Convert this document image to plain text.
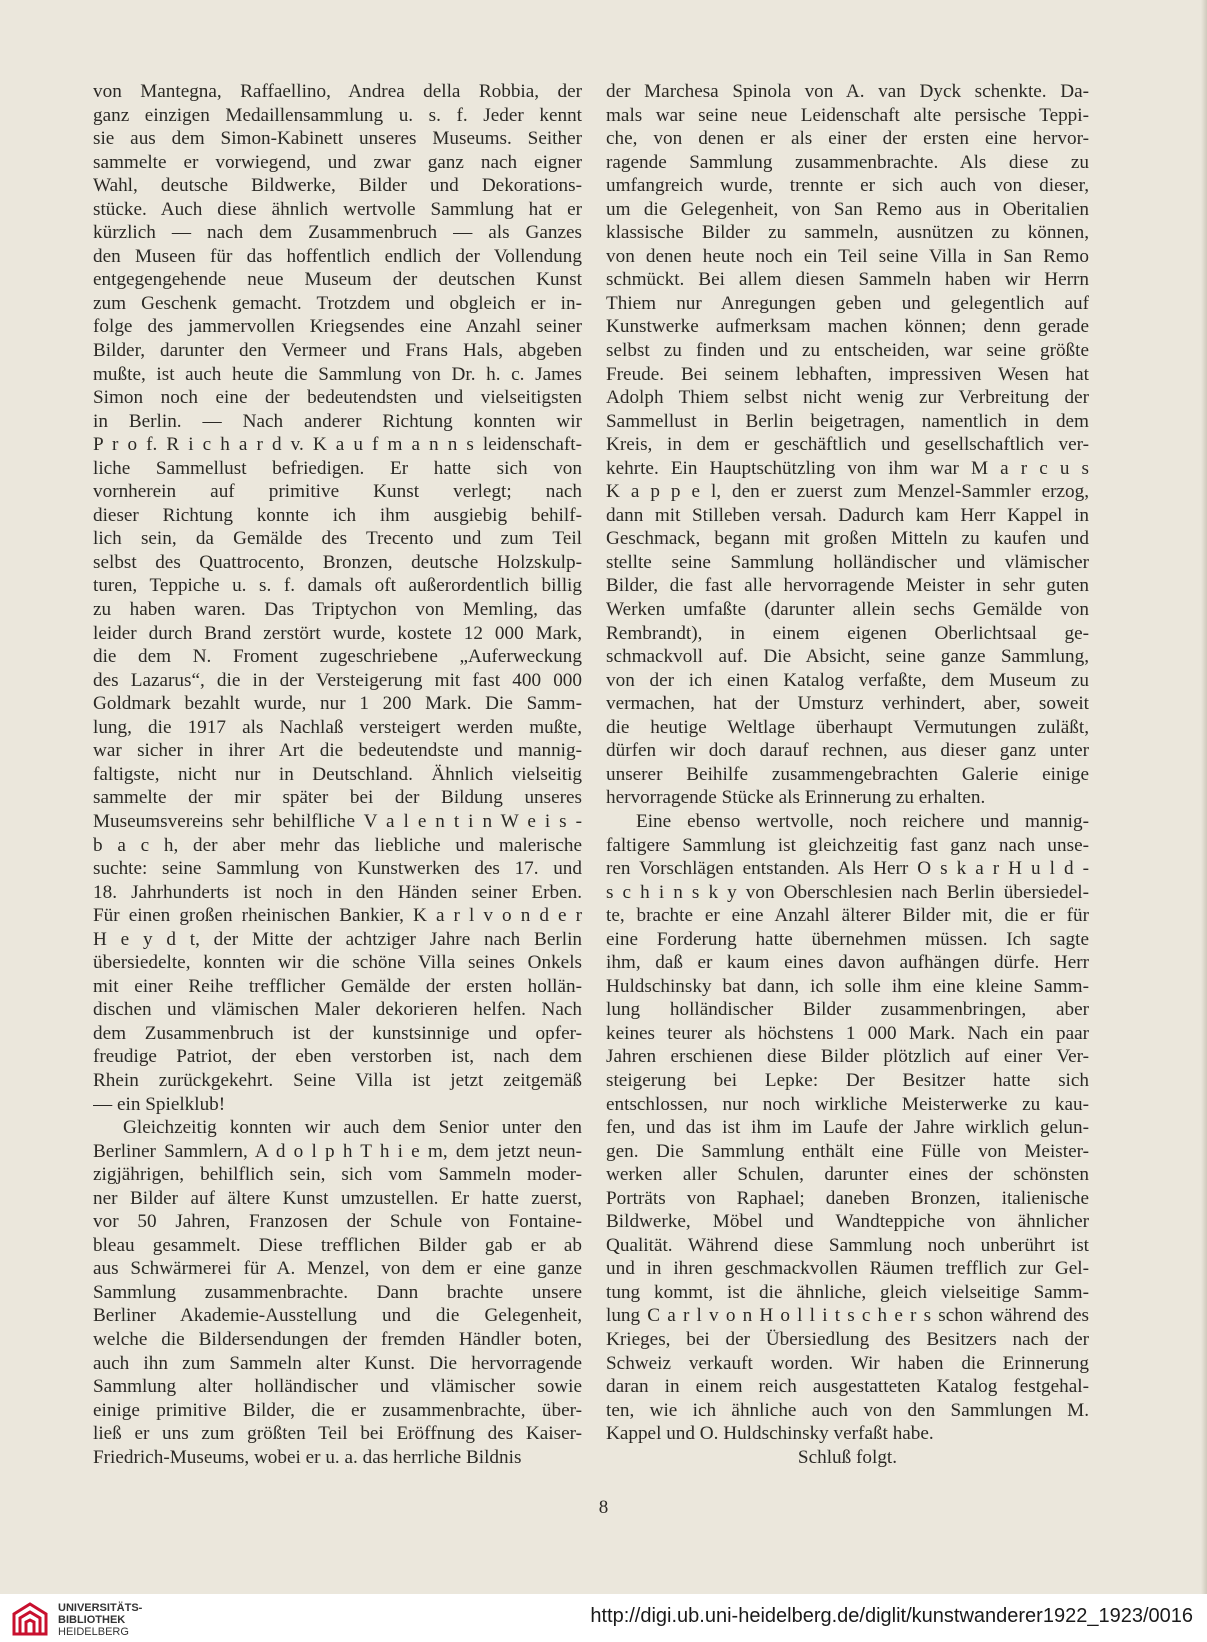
von Mantegna, Raffaellino, Andrea della Robbia, der
ganz einzigen Medaillensammlung u. s. f. Jeder kennt
sie aus dem Simon-Kabinett unseres Museums. Seither
sammelte er vorwiegend, und zwar ganz nach eigner
Wahl, deutsche Bildwerke, Bilder und Dekorations-
stücke. Auch diese ähnlich wertvolle Sammlung hat er
kürzlich — nach dem Zusammenbruch — als Ganzes
den Museen für das hoffentlich endlich der Vollendung
entgegengehende neue Museum der deutschen Kunst
zum Geschenk gemacht. Trotzdem und obgleich er in-
folge des jammervollen Kriegsendes eine Anzahl seiner
Bilder, darunter den Vermeer und Frans Hals, abgeben
mußte, ist auch heute die Sammlung von Dr. h. c. James
Simon noch eine der bedeutendsten und vielseitigsten
in Berlin. — Nach anderer Richtung konnten wir
P r o f. R i c h a r d v. K a u f m a n n s leidenschaft-
liche Sammellust befriedigen. Er hatte sich von
vornherein auf primitive Kunst verlegt; nach
dieser Richtung konnte ich ihm ausgiebig behilf-
lich sein, da Gemälde des Trecento und zum Teil
selbst des Quattrocento, Bronzen, deutsche Holzskulp-
turen, Teppiche u. s. f. damals oft außerordentlich billig
zu haben waren. Das Triptychon von Memling, das
leider durch Brand zerstört wurde, kostete 12 000 Mark,
die dem N. Froment zugeschriebene „Auferweckung
des Lazarus“, die in der Versteigerung mit fast 400 000
Goldmark bezahlt wurde, nur 1 200 Mark. Die Samm-
lung, die 1917 als Nachlaß versteigert werden mußte,
war sicher in ihrer Art die bedeutendste und mannig-
faltigste, nicht nur in Deutschland. Ähnlich vielseitig
sammelte der mir später bei der Bildung unseres
Museumsvereins sehr behilfliche V a l e n t i n W e i s -
b a c h, der aber mehr das liebliche und malerische
suchte: seine Sammlung von Kunstwerken des 17. und
18. Jahrhunderts ist noch in den Händen seiner Erben.
Für einen großen rheinischen Bankier, K a r l v o n d e r
H e y d t, der Mitte der achtziger Jahre nach Berlin
übersiedelte, konnten wir die schöne Villa seines Onkels
mit einer Reihe trefflicher Gemälde der ersten hollän-
dischen und vlämischen Maler dekorieren helfen. Nach
dem Zusammenbruch ist der kunstsinnige und opfer-
freudige Patriot, der eben verstorben ist, nach dem
Rhein zurückgekehrt. Seine Villa ist jetzt zeitgemäß
— ein Spielklub!
Gleichzeitig konnten wir auch dem Senior unter den
Berliner Sammlern, A d o l p h T h i e m, dem jetzt neun-
zigjährigen, behilflich sein, sich vom Sammeln moder-
ner Bilder auf ältere Kunst umzustellen. Er hatte zuerst,
vor 50 Jahren, Franzosen der Schule von Fontaine-
bleau gesammelt. Diese trefflichen Bilder gab er ab
aus Schwärmerei für A. Menzel, von dem er eine ganze
Sammlung zusammenbrachte. Dann brachte unsere
Berliner Akademie-Ausstellung und die Gelegenheit,
welche die Bildersendungen der fremden Händler boten,
auch ihn zum Sammeln alter Kunst. Die hervorragende
Sammlung alter holländischer und vlämischer sowie
einige primitive Bilder, die er zusammenbrachte, über-
ließ er uns zum größten Teil bei Eröffnung des Kaiser-
Friedrich-Museums, wobei er u. a. das herrliche Bildnis
der Marchesa Spinola von A. van Dyck schenkte. Da-
mals war seine neue Leidenschaft alte persische Teppi-
che, von denen er als einer der ersten eine hervor-
ragende Sammlung zusammenbrachte. Als diese zu
umfangreich wurde, trennte er sich auch von dieser,
um die Gelegenheit, von San Remo aus in Oberitalien
klassische Bilder zu sammeln, ausnützen zu können,
von denen heute noch ein Teil seine Villa in San Remo
schmückt. Bei allem diesen Sammeln haben wir Herrn
Thiem nur Anregungen geben und gelegentlich auf
Kunstwerke aufmerksam machen können; denn gerade
selbst zu finden und zu entscheiden, war seine größte
Freude. Bei seinem lebhaften, impressiven Wesen hat
Adolph Thiem selbst nicht wenig zur Verbreitung der
Sammellust in Berlin beigetragen, namentlich in dem
Kreis, in dem er geschäftlich und gesellschaftlich ver-
kehrte. Ein Hauptschützling von ihm war M a r c u s
K a p p e l, den er zuerst zum Menzel-Sammler erzog,
dann mit Stilleben versah. Dadurch kam Herr Kappel in
Geschmack, begann mit großen Mitteln zu kaufen und
stellte seine Sammlung holländischer und vlämischer
Bilder, die fast alle hervorragende Meister in sehr guten
Werken umfaßte (darunter allein sechs Gemälde von
Rembrandt), in einem eigenen Oberlichtsaal ge-
schmackvoll auf. Die Absicht, seine ganze Sammlung,
von der ich einen Katalog verfaßte, dem Museum zu
vermachen, hat der Umsturz verhindert, aber, soweit
die heutige Weltlage überhaupt Vermutungen zuläßt,
dürfen wir doch darauf rechnen, aus dieser ganz unter
unserer Beihilfe zusammengebrachten Galerie einige
hervorragende Stücke als Erinnerung zu erhalten.
Eine ebenso wertvolle, noch reichere und mannig-
faltigere Sammlung ist gleichzeitig fast ganz nach unse-
ren Vorschlägen entstanden. Als Herr O s k a r H u l d -
s c h i n s k y von Oberschlesien nach Berlin übersiedel-
te, brachte er eine Anzahl älterer Bilder mit, die er für
eine Forderung hatte übernehmen müssen. Ich sagte
ihm, daß er kaum eines davon aufhängen dürfe. Herr
Huldschinsky bat dann, ich solle ihm eine kleine Samm-
lung holländischer Bilder zusammenbringen, aber
keines teurer als höchstens 1 000 Mark. Nach ein paar
Jahren erschienen diese Bilder plötzlich auf einer Ver-
steigerung bei Lepke: Der Besitzer hatte sich
entschlossen, nur noch wirkliche Meisterwerke zu kau-
fen, und das ist ihm im Laufe der Jahre wirklich gelun-
gen. Die Sammlung enthält eine Fülle von Meister-
werken aller Schulen, darunter eines der schönsten
Porträts von Raphael; daneben Bronzen, italienische
Bildwerke, Möbel und Wandteppiche von ähnlicher
Qualität. Während diese Sammlung noch unberührt ist
und in ihren geschmackvollen Räumen trefflich zur Gel-
tung kommt, ist die ähnliche, gleich vielseitige Samm-
lung C a r l v o n H o l l i t s c h e r s schon während des
Krieges, bei der Übersiedlung des Besitzers nach der
Schweiz verkauft worden. Wir haben die Erinnerung
daran in einem reich ausgestatteten Katalog festgehal-
ten, wie ich ähnliche auch von den Sammlungen M.
Kappel und O. Huldschinsky verfaßt habe.
Schluß folgt.
8
UNIVERSITÄTS-
BIBLIOTHEK
HEIDELBERG
http://digi.ub.uni-heidelberg.de/diglit/kunstwanderer1922_1923/0016
